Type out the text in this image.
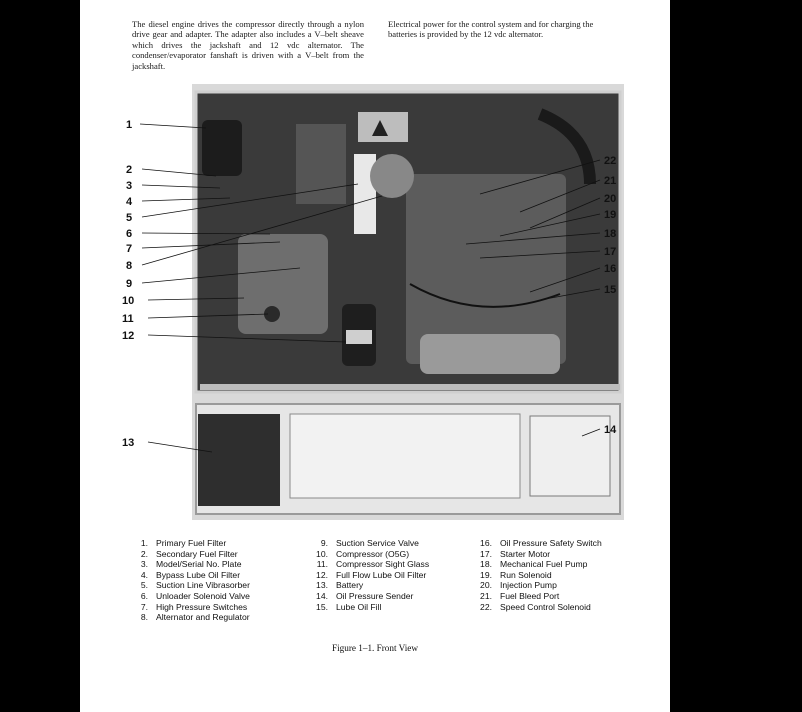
The diesel engine drives the compressor directly through a nylon drive gear and adapter. The adapter also includes a V–belt sheave which drives the jackshaft and 12 vdc alternator. The condenser/evaporator fanshaft is driven with a V–belt from the jackshaft.

Electrical power for the control system and for charging the batteries is provided by the 12 vdc alternator.

1
2
3
4
5
6
7
8
9
10
11
12
13
14
15
16
17
18
19
20
21
22
1. Primary Fuel Filter
2. Secondary Fuel Filter
3. Model/Serial No. Plate
4. Bypass Lube Oil Filter
5. Suction Line Vibrasorber
6. Unloader Solenoid Valve
7. High Pressure Switches
8. Alternator and Regulator
9. Suction Service Valve
10. Compressor (O5G)
11. Compressor Sight Glass
12. Full Flow Lube Oil Filter
13. Battery
14. Oil Pressure Sender
15. Lube Oil Fill
16. Oil Pressure Safety Switch
17. Starter Motor
18. Mechanical Fuel Pump
19. Run Solenoid
20. Injection Pump
21. Fuel Bleed Port
22. Speed Control Solenoid
Figure 1–1. Front View
